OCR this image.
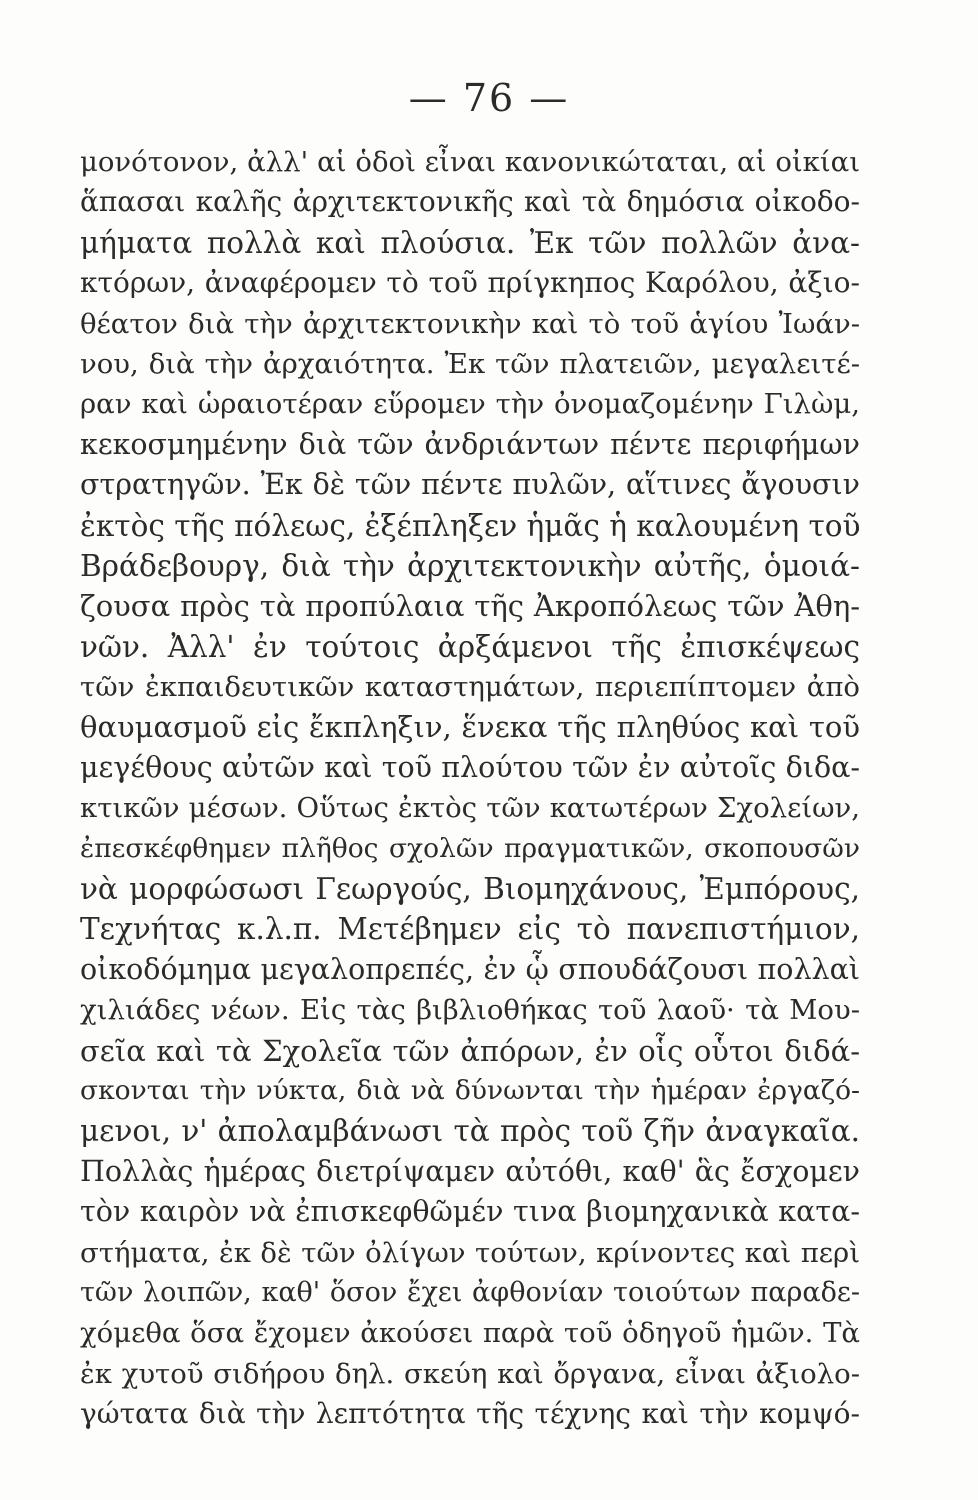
— 76 —
μονότονον, ἀλλ' αἱ ὁδοὶ εἶναι κανονικώταται, αἱ οἰκίαι
ἅπασαι καλῆς ἀρχιτεκτονικῆς καὶ τὰ δημόσια οἰκοδο-
μήματα πολλὰ καὶ πλούσια. Ἐκ τῶν πολλῶν ἀνα-
κτόρων, ἀναφέρομεν τὸ τοῦ πρίγκηπος Καρόλου, ἀξιο-
θέατον διὰ τὴν ἀρχιτεκτονικὴν καὶ τὸ τοῦ ἁγίου Ἰωάν-
νου, διὰ τὴν ἀρχαιότητα. Ἐκ τῶν πλατειῶν, μεγαλειτέ-
ραν καὶ ὡραιοτέραν εὕρομεν τὴν ὀνομαζομένην Γιλὼμ,
κεκοσμημένην διὰ τῶν ἀνδριάντων πέντε περιφήμων
στρατηγῶν. Ἐκ δὲ τῶν πέντε πυλῶν, αἵτινες ἄγουσιν
ἐκτὸς τῆς πόλεως, ἐξέπληξεν ἡμᾶς ἡ καλουμένη τοῦ
Βράδεβουργ, διὰ τὴν ἀρχιτεκτονικὴν αὐτῆς, ὁμοιά-
ζουσα πρὸς τὰ προπύλαια τῆς Ἀκροπόλεως τῶν Ἀθη-
νῶν. Ἀλλ' ἐν τούτοις ἀρξάμενοι τῆς ἐπισκέψεως
τῶν ἐκπαιδευτικῶν καταστημάτων, περιεπίπτομεν ἀπὸ
θαυμασμοῦ εἰς ἔκπληξιν, ἕνεκα τῆς πληθύος καὶ τοῦ
μεγέθους αὐτῶν καὶ τοῦ πλούτου τῶν ἐν αὐτοῖς διδα-
κτικῶν μέσων. Οὕτως ἐκτὸς τῶν κατωτέρων Σχολείων,
ἐπεσκέφθημεν πλῆθος σχολῶν πραγματικῶν, σκοπουσῶν
νὰ μορφώσωσι Γεωργούς, Βιομηχάνους, Ἐμπόρους,
Τεχνήτας κ.λ.π. Μετέβημεν εἰς τὸ πανεπιστήμιον,
οἰκοδόμημα μεγαλοπρεπές, ἐν ᾧ σπουδάζουσι πολλαὶ
χιλιάδες νέων. Εἰς τὰς βιβλιοθήκας τοῦ λαοῦ· τὰ Μου-
σεῖα καὶ τὰ Σχολεῖα τῶν ἀπόρων, ἐν οἷς οὗτοι διδά-
σκονται τὴν νύκτα, διὰ νὰ δύνωνται τὴν ἡμέραν ἐργαζό-
μενοι, ν' ἀπολαμβάνωσι τὰ πρὸς τοῦ ζῆν ἀναγκαῖα.
Πολλὰς ἡμέρας διετρίψαμεν αὐτόθι, καθ' ἃς ἔσχομεν
τὸν καιρὸν νὰ ἐπισκεφθῶμέν τινα βιομηχανικὰ κατα-
στήματα, ἐκ δὲ τῶν ὀλίγων τούτων, κρίνοντες καὶ περὶ
τῶν λοιπῶν, καθ' ὅσον ἔχει ἀφθονίαν τοιούτων παραδε-
χόμεθα ὅσα ἔχομεν ἀκούσει παρὰ τοῦ ὁδηγοῦ ἡμῶν. Τὰ
ἐκ χυτοῦ σιδήρου δηλ. σκεύη καὶ ὄργανα, εἶναι ἀξιολο-
γώτατα διὰ τὴν λεπτότητα τῆς τέχνης καὶ τὴν κομψό-
